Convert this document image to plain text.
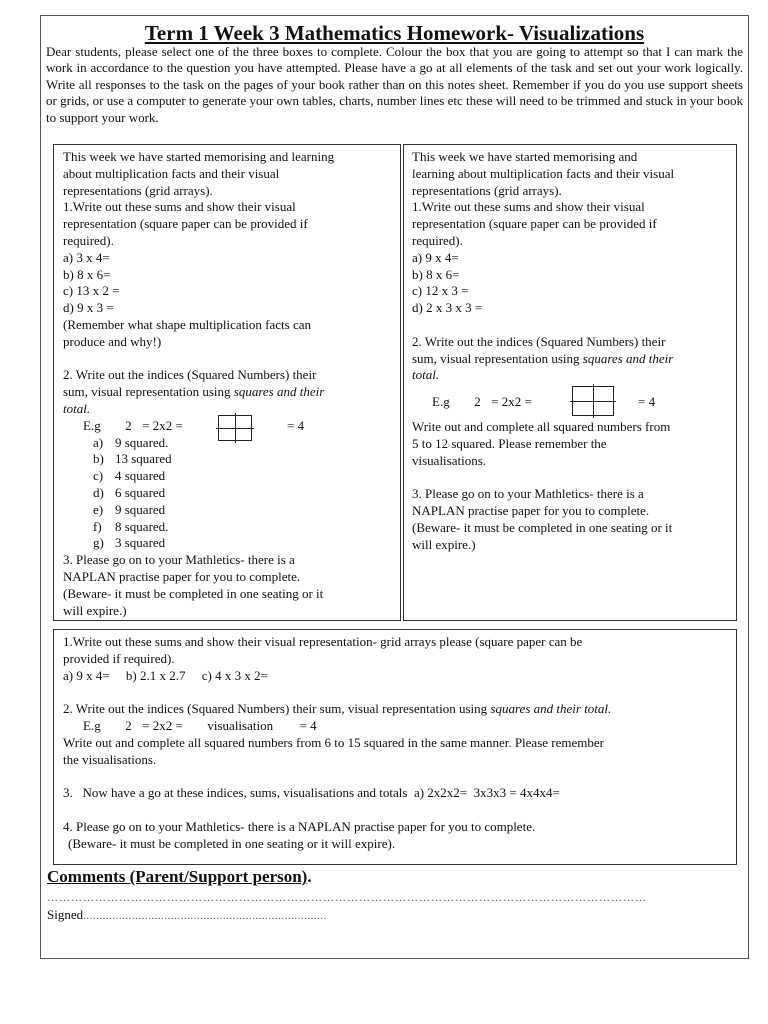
Term 1 Week 3 Mathematics Homework- Visualizations
Dear students, please select one of the three boxes to complete. Colour the box that you are going to attempt so that I can mark the work in accordance to the question you have attempted. Please have a go at all elements of the task and set out your work logically. Write all responses to the task on the pages of your book rather than on this notes sheet. Remember if you do you use support sheets or grids, or use a computer to generate your own tables, charts, number lines etc these will need to be trimmed and stuck in your book to support your work.
This week we have started memorising and learning
about multiplication facts and their visual
representations (grid arrays).
1.Write out these sums and show their visual
representation (square paper can be provided if
required).
a) 3 x 4=
b) 8 x 6=
c) 13 x 2 =
d) 9 x 3 =
(Remember what shape multiplication facts can
produce and why!)
2. Write out the indices (Squared Numbers) their
sum, visual representation using squares and their
total.
E.g 2 = 2x2 =	= 4
a) 9 squared.
b) 13 squared
c) 4 squared
d) 6 squared
e) 9 squared
f) 8 squared.
g) 3 squared
3. Please go on to your Mathletics- there is a
NAPLAN practise paper for you to complete.
(Beware- it must be completed in one seating or it
will expire.)
This week we have started memorising and
learning about multiplication facts and their visual
representations (grid arrays).
1.Write out these sums and show their visual
representation (square paper can be provided if
required).
a) 9 x 4=
b) 8 x 6=
c) 12 x 3 =
d) 2 x 3 x 3 =
2. Write out the indices (Squared Numbers) their
sum, visual representation using squares and their
total.
E.g 2 = 2x2 =	= 4
Write out and complete all squared numbers from
5 to 12 squared. Please remember the
visualisations.
3. Please go on to your Mathletics- there is a
NAPLAN practise paper for you to complete.
(Beware- it must be completed in one seating or it
will expire.)
1.Write out these sums and show their visual representation- grid arrays please (square paper can be
provided if required).
a) 9 x 4=     b) 2.1 x 2.7     c) 4 x 3 x 2=
2. Write out the indices (Squared Numbers) their sum, visual representation using squares and their total.
E.g 2 = 2x2 = visualisation = 4
Write out and complete all squared numbers from 6 to 15 squared in the same manner. Please remember
the visualisations.
3.   Now have a go at these indices, sums, visualisations and totals  a) 2x2x2=  3x3x3 = 4x4x4=
4. Please go on to your Mathletics- there is a NAPLAN practise paper for you to complete.
(Beware- it must be completed in one seating or it will expire).
Comments (Parent/Support person).
……………………………………………………………………………………………………………………………………
Signed...........................................................................
